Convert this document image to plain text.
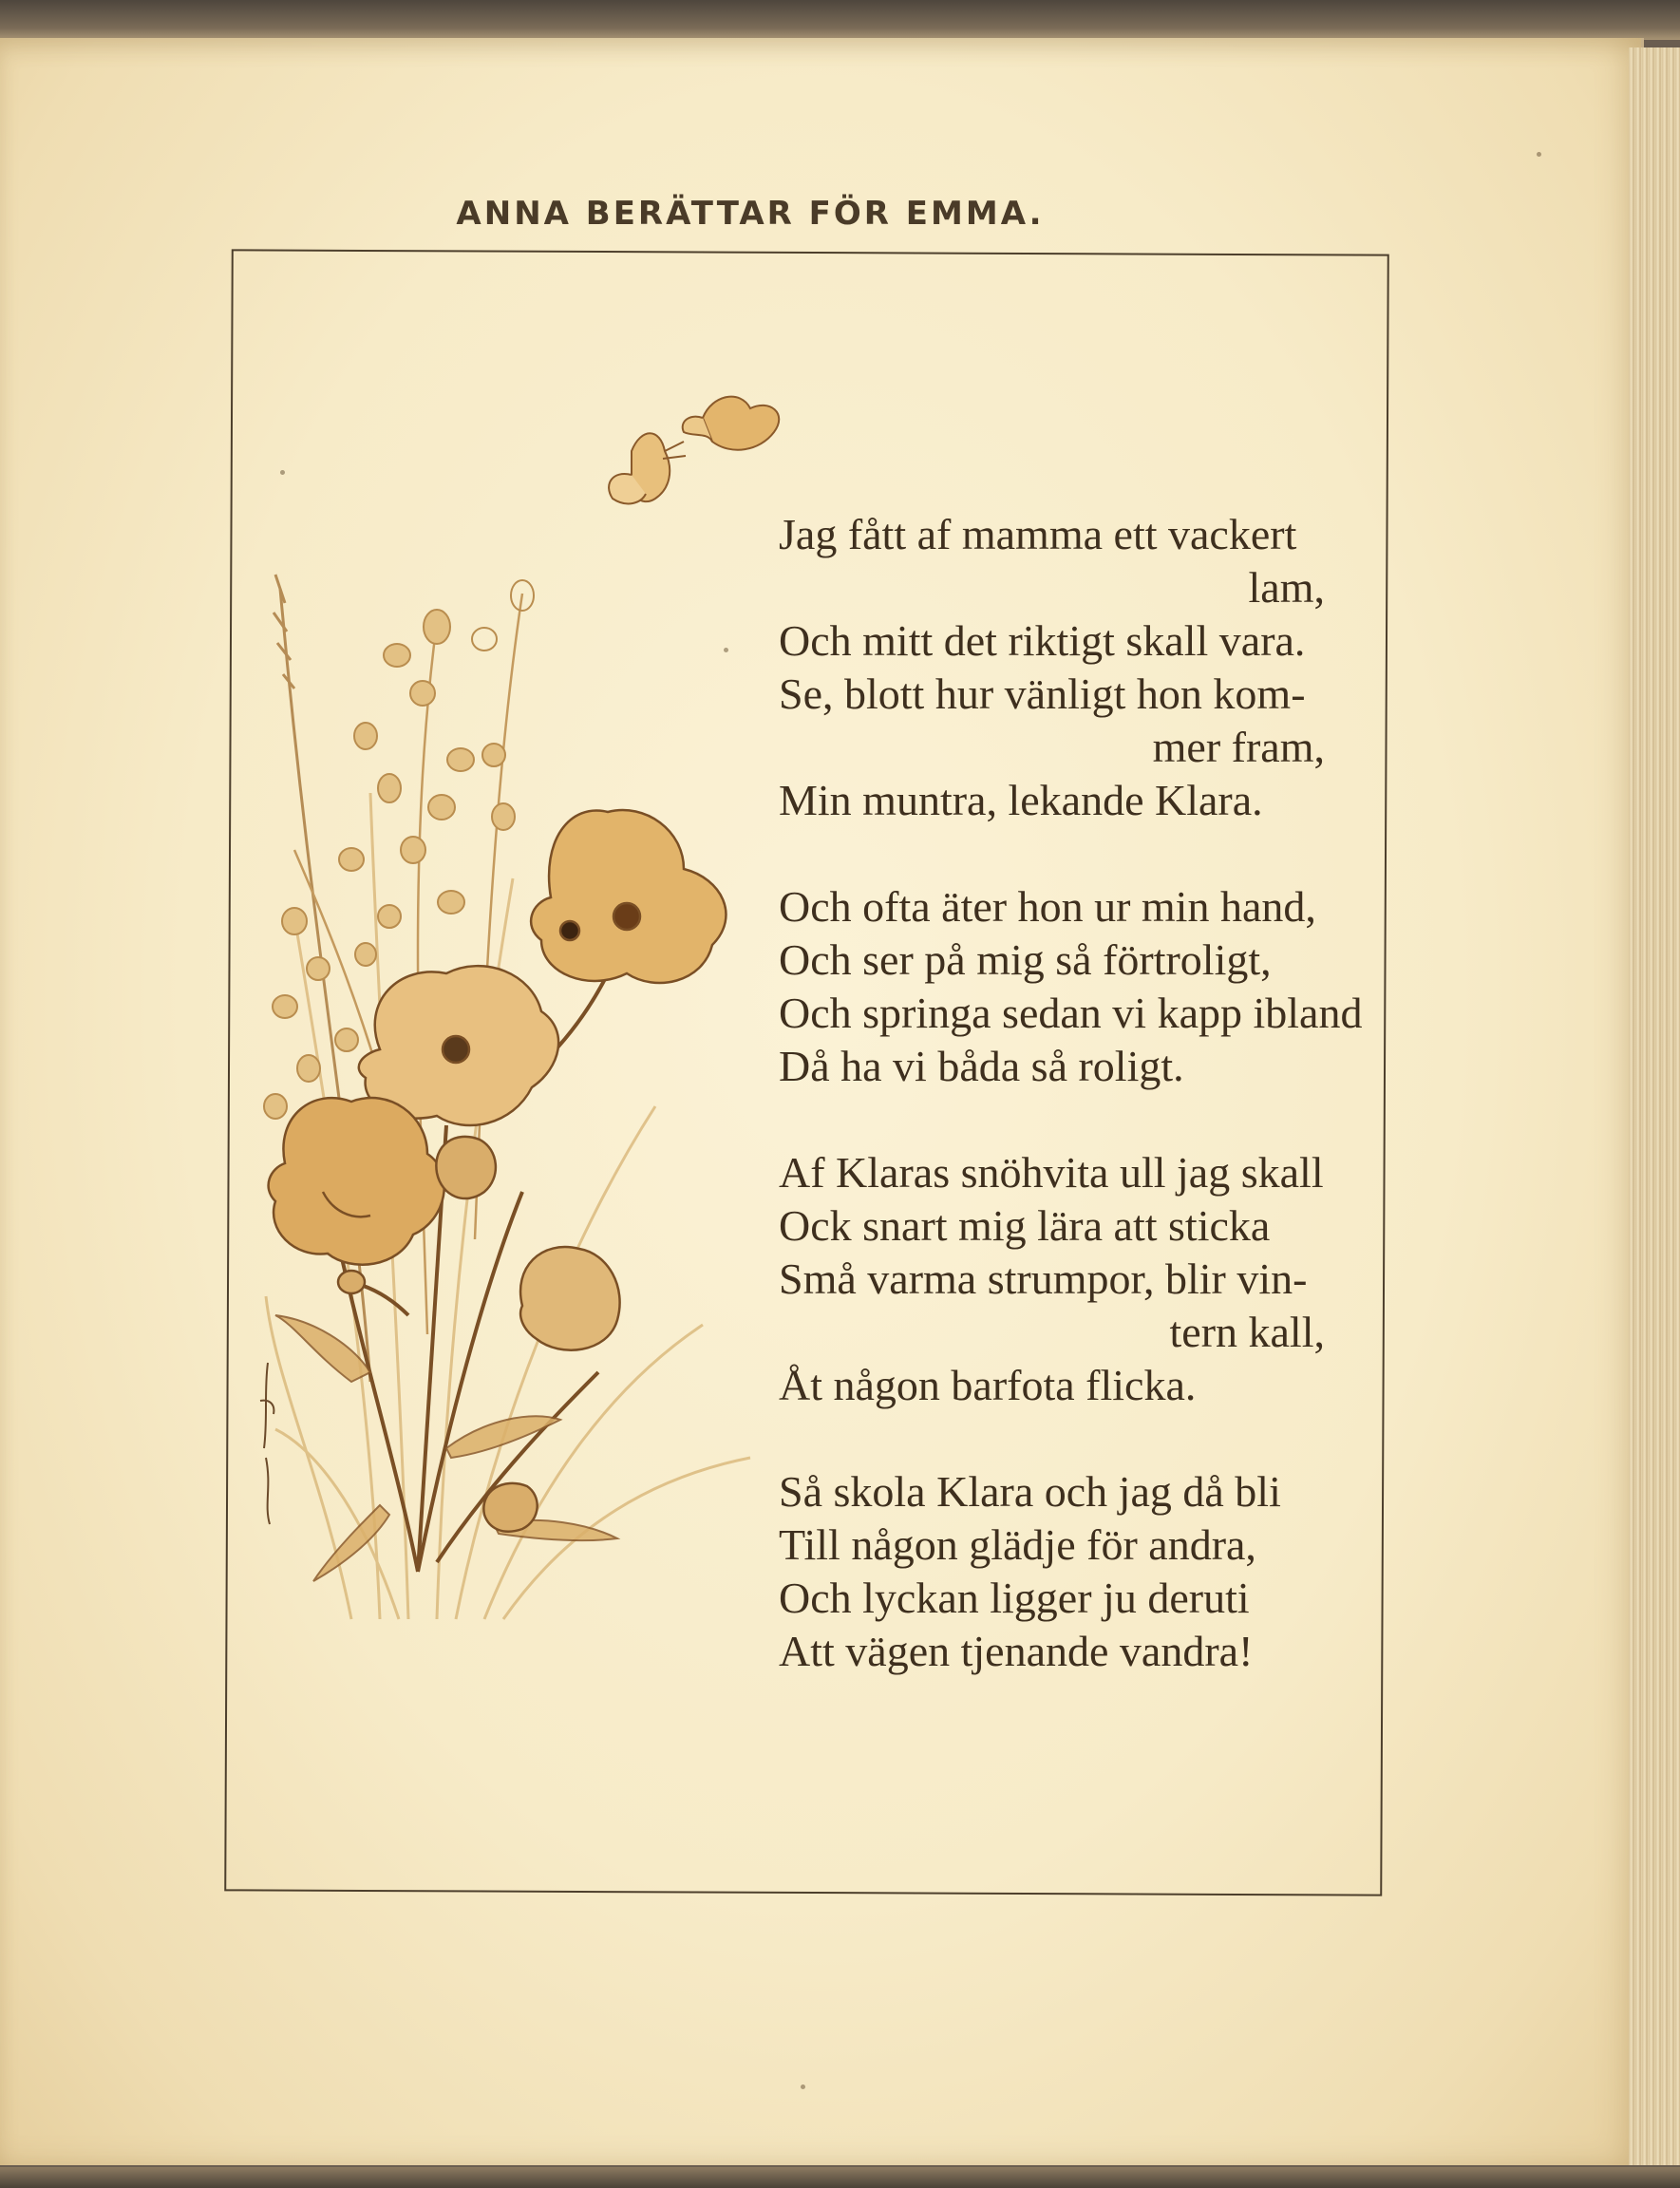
ANNA BERÄTTAR FÖR EMMA.
Jag fått af mamma ett vackert
lam,
Och mitt det riktigt skall vara.
Se, blott hur vänligt hon kom-
mer fram,
Min muntra, lekande Klara.
Och ofta äter hon ur min hand,
Och ser på mig så förtroligt,
Och springa sedan vi kapp ibland
Då ha vi båda så roligt.
Af Klaras snöhvita ull jag skall
Ock snart mig lära att sticka
Små varma strumpor, blir vin-
tern kall,
Åt någon barfota flicka.
Så skola Klara och jag då bli
Till någon glädje för andra,
Och lyckan ligger ju deruti
Att vägen tjenande vandra!
